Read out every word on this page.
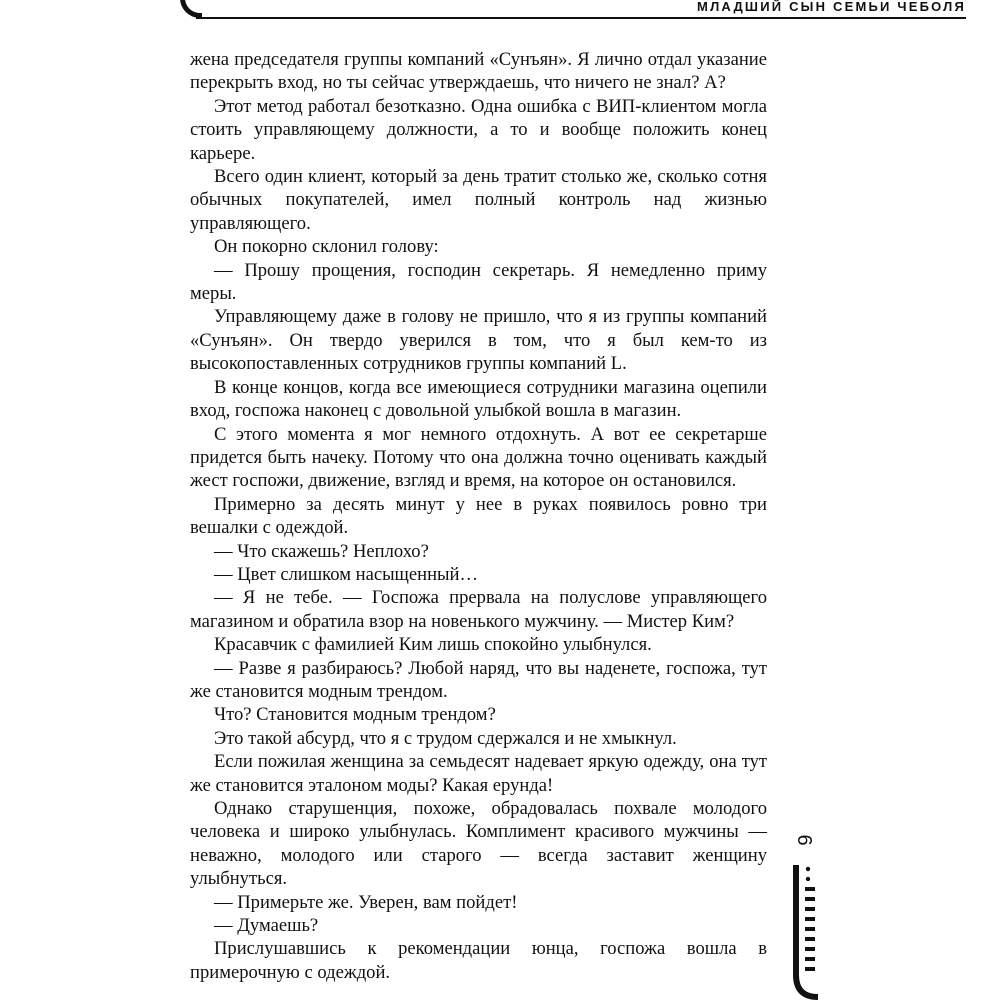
МЛАДШИЙ СЫН СЕМЬИ ЧЕБОЛЯ

жена председателя группы компаний «Сунъян». Я лично отдал указание перекрыть вход, но ты сейчас утверждаешь, что ничего не знал? А?

Этот метод работал безотказно. Одна ошибка с ВИП-клиентом могла стоить управляющему должности, а то и вообще положить конец карьере.

Всего один клиент, который за день тратит столько же, сколько сотня обычных покупателей, имел полный контроль над жизнью управляющего.

Он покорно склонил голову:

— Прошу прощения, господин секретарь. Я немедленно приму меры.

Управляющему даже в голову не пришло, что я из группы компаний «Сунъян». Он твердо уверился в том, что я был кем-то из высокопоставленных сотрудников группы компаний L.

В конце концов, когда все имеющиеся сотрудники магазина оцепили вход, госпожа наконец с довольной улыбкой вошла в магазин.

С этого момента я мог немного отдохнуть. А вот ее секретарше придется быть начеку. Потому что она должна точно оценивать каждый жест госпожи, движение, взгляд и время, на которое он остановился.

Примерно за десять минут у нее в руках появилось ровно три вешалки с одеждой.

— Что скажешь? Неплохо?

— Цвет слишком насыщенный…

— Я не тебе. — Госпожа прервала на полуслове управляющего магазином и обратила взор на новенького мужчину. — Мистер Ким?

Красавчик с фамилией Ким лишь спокойно улыбнулся.

— Разве я разбираюсь? Любой наряд, что вы наденете, госпожа, тут же становится модным трендом.

Что? Становится модным трендом?

Это такой абсурд, что я с трудом сдержался и не хмыкнул.

Если пожилая женщина за семьдесят надевает яркую одежду, она тут же становится эталоном моды? Какая ерунда!

Однако старушенция, похоже, обрадовалась похвале молодого человека и широко улыбнулась. Комплимент красивого мужчины — неважно, молодого или старого — всегда заставит женщину улыбнуться.

— Примерьте же. Уверен, вам пойдет!

— Думаешь?

Прислушавшись к рекомендации юнца, госпожа вошла в примерочную с одеждой.

6
